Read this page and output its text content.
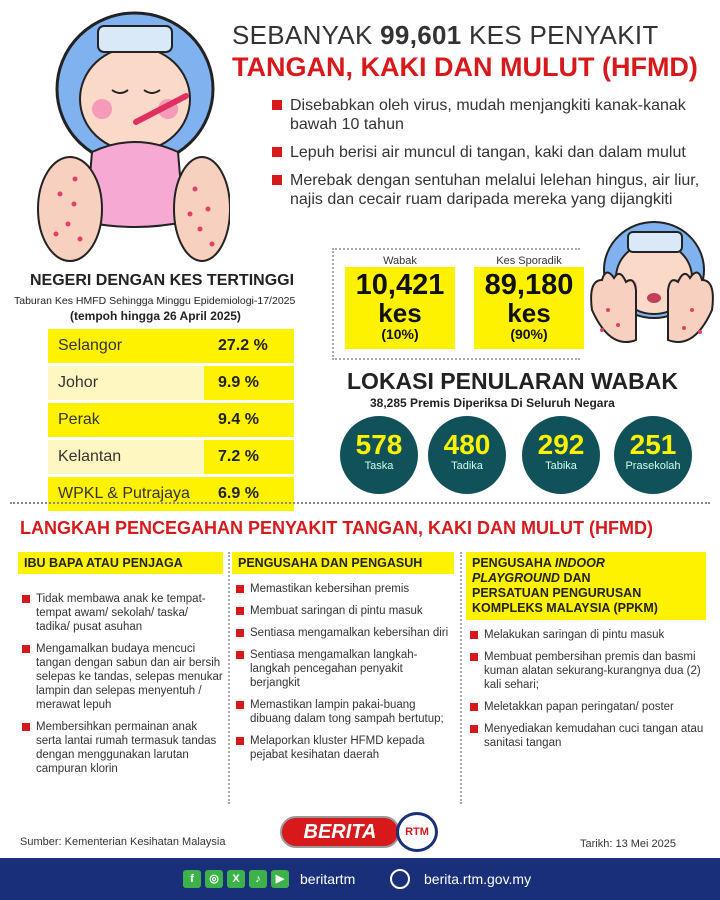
SEBANYAK 99,601 KES PENYAKIT
TANGAN, KAKI DAN MULUT (HFMD)
Disebabkan oleh virus, mudah menjangkiti kanak-kanak bawah 10 tahun
Lepuh berisi air muncul di tangan, kaki dan dalam mulut
Merebak dengan sentuhan melalui lelehan hingus, air liur, najis dan cecair ruam daripada mereka yang dijangkiti
NEGERI DENGAN KES TERTINGGI
Taburan Kes HMFD Sehingga Minggu Epidemiologi-17/2025
(tempoh hingga 26 April 2025)
Selangor	27.2 %
Johor	9.9 %
Perak	9.4 %
Kelantan	7.2 %
WPKL & Putrajaya	6.9 %
Wabak
10,421
kes
(10%)
Kes Sporadik
89,180
kes
(90%)
LOKASI PENULARAN WABAK
38,285 Premis Diperiksa Di Seluruh Negara
578
Taska
480
Tadika
292
Tabika
251
Prasekolah
LANGKAH PENCEGAHAN PENYAKIT TANGAN, KAKI DAN MULUT (HFMD)
IBU BAPA ATAU PENJAGA
Tidak membawa anak ke tempat-tempat awam/ sekolah/ taska/ tadika/ pusat asuhan
Mengamalkan budaya mencuci tangan dengan sabun dan air bersih selepas ke tandas, selepas menukar lampin dan selepas menyentuh / merawat lepuh
Membersihkan permainan anak serta lantai rumah termasuk tandas dengan menggunakan larutan campuran klorin
PENGUSAHA DAN PENGASUH
Memastikan kebersihan premis
Membuat saringan di pintu masuk
Sentiasa mengamalkan kebersihan diri
Sentiasa mengamalkan langkah-langkah pencegahan penyakit berjangkit
Memastikan lampin pakai-buang dibuang dalam tong sampah bertutup;
Melaporkan kluster HFMD kepada pejabat kesihatan daerah
PENGUSAHA INDOOR
PLAYGROUND DAN
PERSATUAN PENGURUSAN
KOMPLEKS MALAYSIA (PPKM)
Melakukan saringan di pintu masuk
Membuat pembersihan premis dan basmi kuman alatan sekurang-kurangnya dua (2) kali sehari;
Meletakkan papan peringatan/ poster
Menyediakan kemudahan cuci tangan atau sanitasi tangan
Sumber: Kementerian Kesihatan Malaysia	Tarikh: 13 Mei 2025
BERITA	RTM
f	◎	X	♪	▶	beritartm	berita.rtm.gov.my
